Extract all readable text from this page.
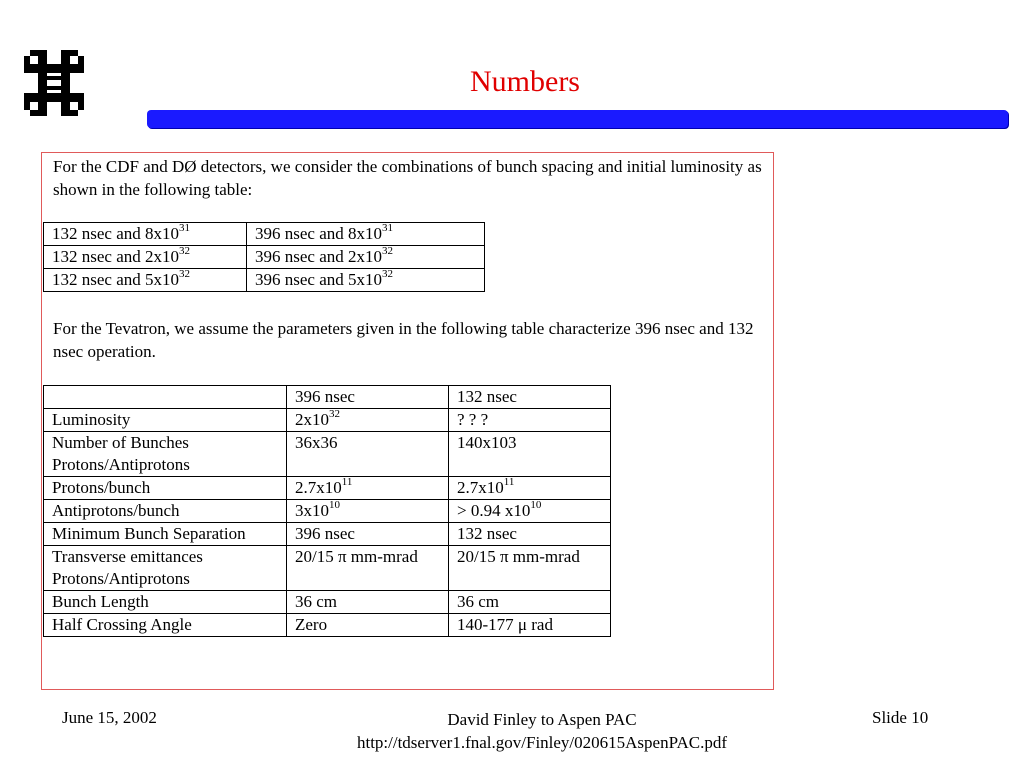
Numbers

For the CDF and DØ detectors, we consider the combinations of bunch spacing and initial luminosity as shown in the following table:

132 nsec and $8x10^{31}$	396 nsec and $8x10^{31}$
132 nsec and $2x10^{32}$	396 nsec and $2x10^{32}$
132 nsec and $5x10^{32}$	396 nsec and $5x10^{32}$

For the Tevatron, we assume the parameters given in the following table characterize 396 nsec and 132 nsec operation.

	396 nsec	132 nsec
Luminosity	$2x10^{32}$	? ? ?
Number of Bunches
Protons/Antiprotons	36x36	140x103
Protons/bunch	$2.7x10^{11}$	$2.7x10^{11}$
Antiprotons/bunch	$3x10^{10}$	> 0.94 $x10^{10}$
Minimum Bunch Separation	396 nsec	132 nsec
Transverse emittances
Protons/Antiprotons	20/15 π mm-mrad	20/15 π mm-mrad
Bunch Length	36 cm	36 cm
Half Crossing Angle	Zero	140-177 μ rad
June 15, 2002	David Finley to Aspen PAC
http://tdserver1.fnal.gov/Finley/020615AspenPAC.pdf
Slide 10
